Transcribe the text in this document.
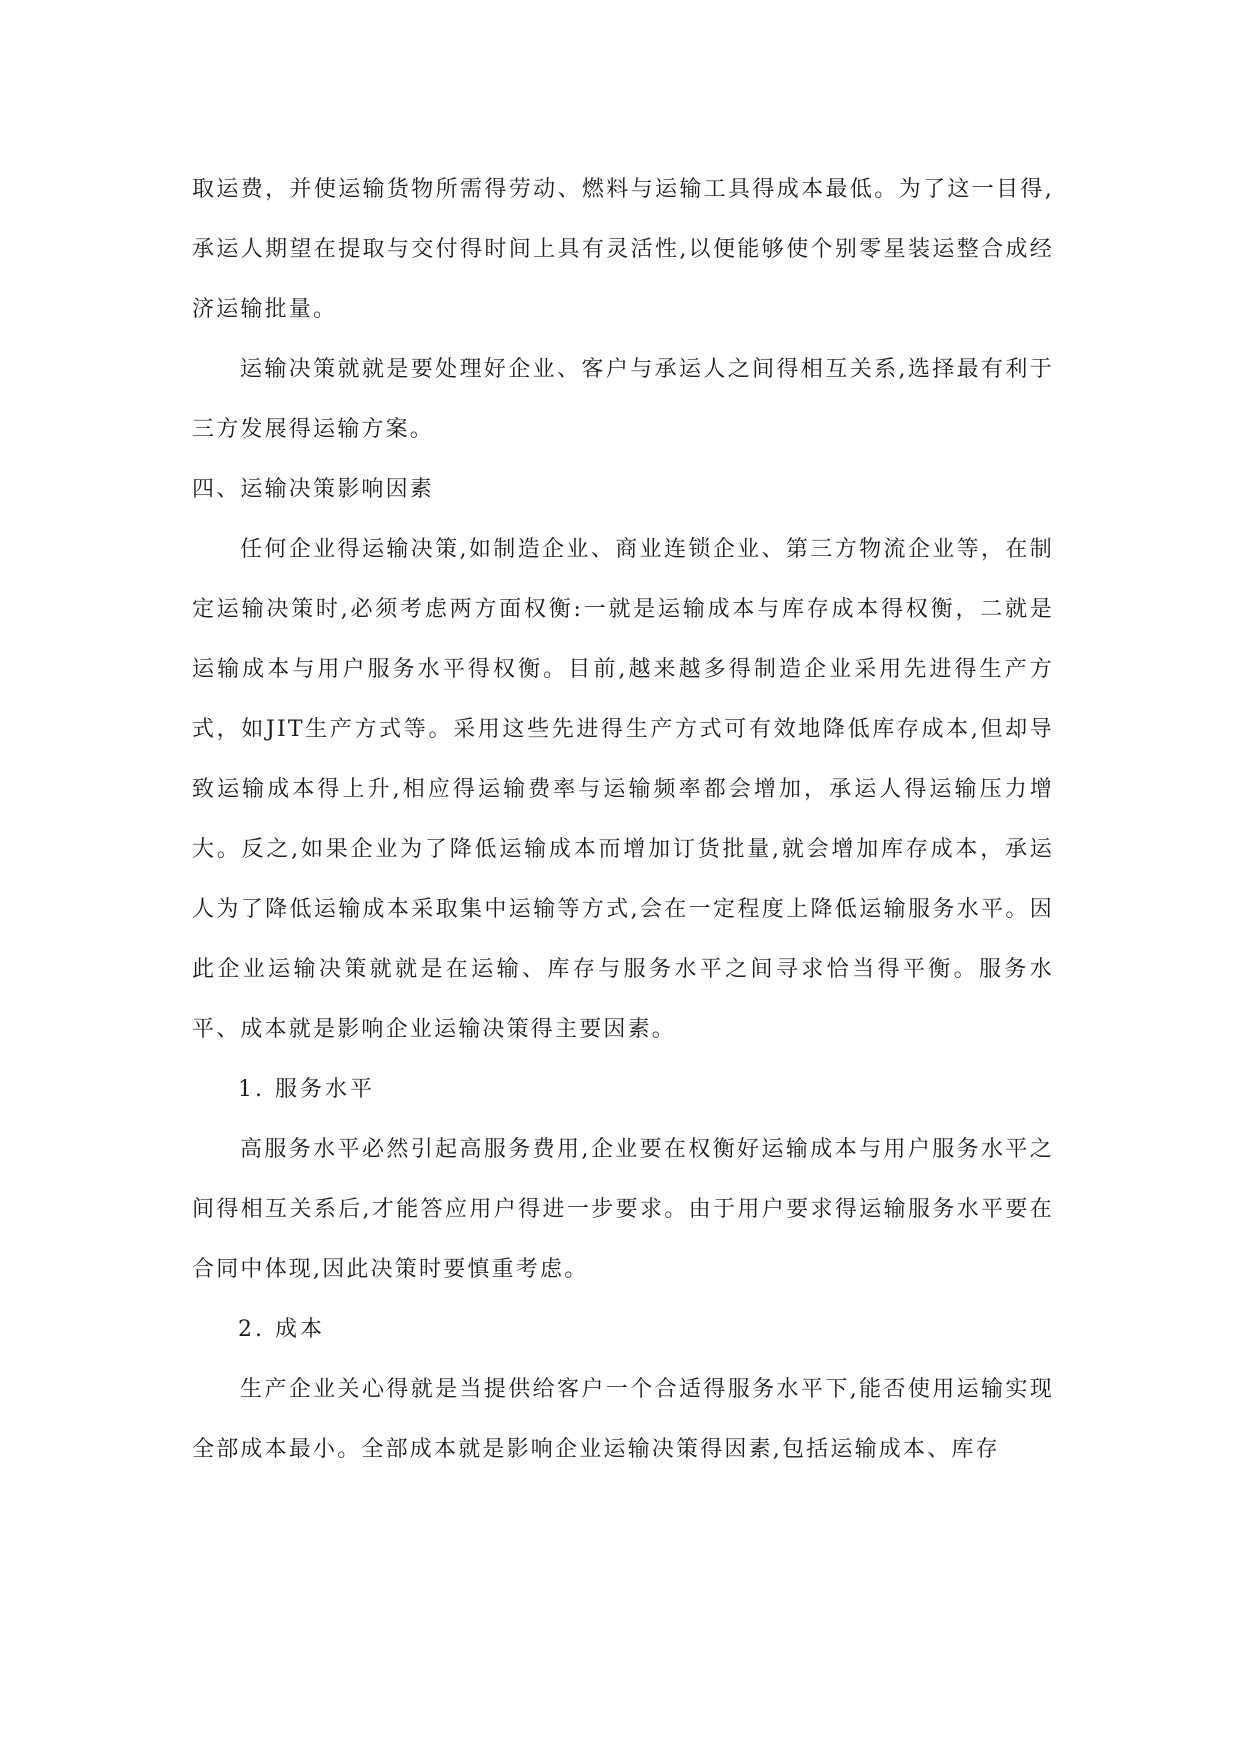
取运费，并使运输货物所需得劳动、燃料与运输工具得成本最低。为了这一目得,承运人期望在提取与交付得时间上具有灵活性,以便能够使个别零星装运整合成经济运输批量。

运输决策就就是要处理好企业、客户与承运人之间得相互关系,选择最有利于三方发展得运输方案。

四、运输决策影响因素

任何企业得运输决策,如制造企业、商业连锁企业、第三方物流企业等，在制定运输决策时,必须考虑两方面权衡:一就是运输成本与库存成本得权衡，二就是运输成本与用户服务水平得权衡。目前,越来越多得制造企业采用先进得生产方式，如JIT生产方式等。采用这些先进得生产方式可有效地降低库存成本,但却导致运输成本得上升,相应得运输费率与运输频率都会增加，承运人得运输压力增大。反之,如果企业为了降低运输成本而增加订货批量,就会增加库存成本，承运人为了降低运输成本采取集中运输等方式,会在一定程度上降低运输服务水平。因此企业运输决策就就是在运输、库存与服务水平之间寻求恰当得平衡。服务水平、成本就是影响企业运输决策得主要因素。

1. 服务水平

高服务水平必然引起高服务费用,企业要在权衡好运输成本与用户服务水平之间得相互关系后,才能答应用户得进一步要求。由于用户要求得运输服务水平要在合同中体现,因此决策时要慎重考虑。

2. 成本

生产企业关心得就是当提供给客户一个合适得服务水平下,能否使用运输实现全部成本最小。全部成本就是影响企业运输决策得因素,包括运输成本、库存
